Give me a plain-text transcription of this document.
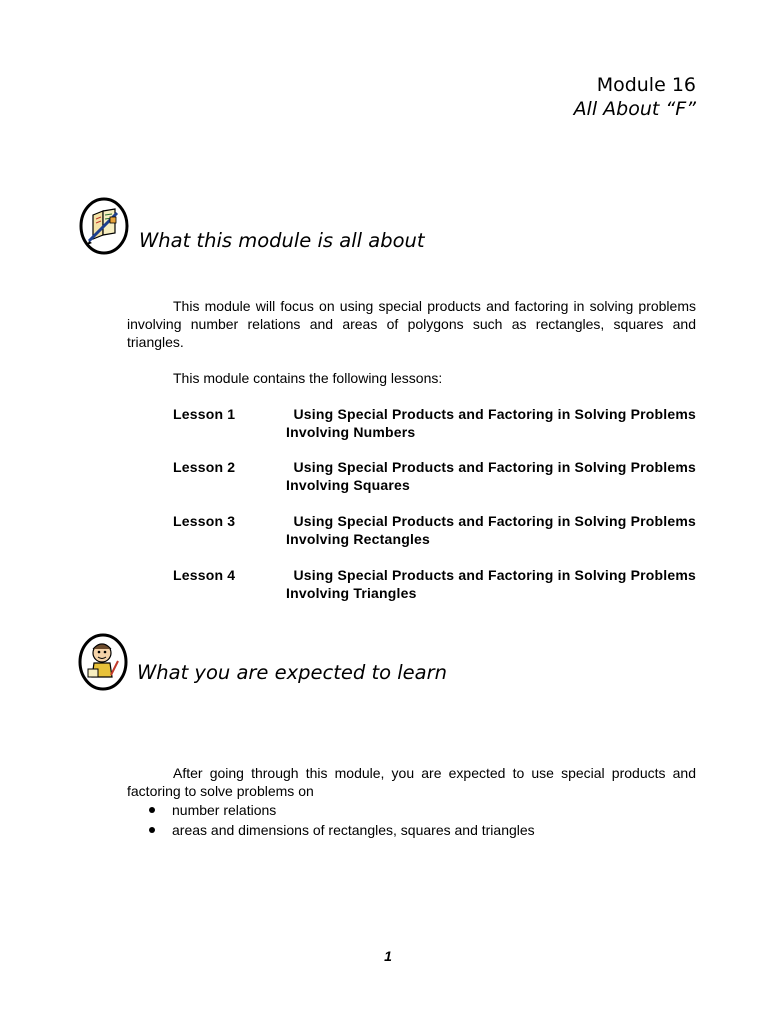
Module 16
All About “F”
What this module is all about
This module will focus on using special products and factoring in solving problems involving number relations and areas of polygons such as rectangles, squares and triangles.
This module contains the following lessons:
Lesson 1	Using Special Products and Factoring in Solving Problems
Involving Numbers
Lesson 2	Using Special Products and Factoring in Solving Problems
Involving Squares
Lesson 3	Using Special Products and Factoring in Solving Problems
Involving Rectangles
Lesson 4	Using Special Products and Factoring in Solving Problems
Involving Triangles
What you are expected to learn
After going through this module, you are expected to use special products and factoring to solve problems on
number relations
areas and dimensions of rectangles, squares and triangles
1
